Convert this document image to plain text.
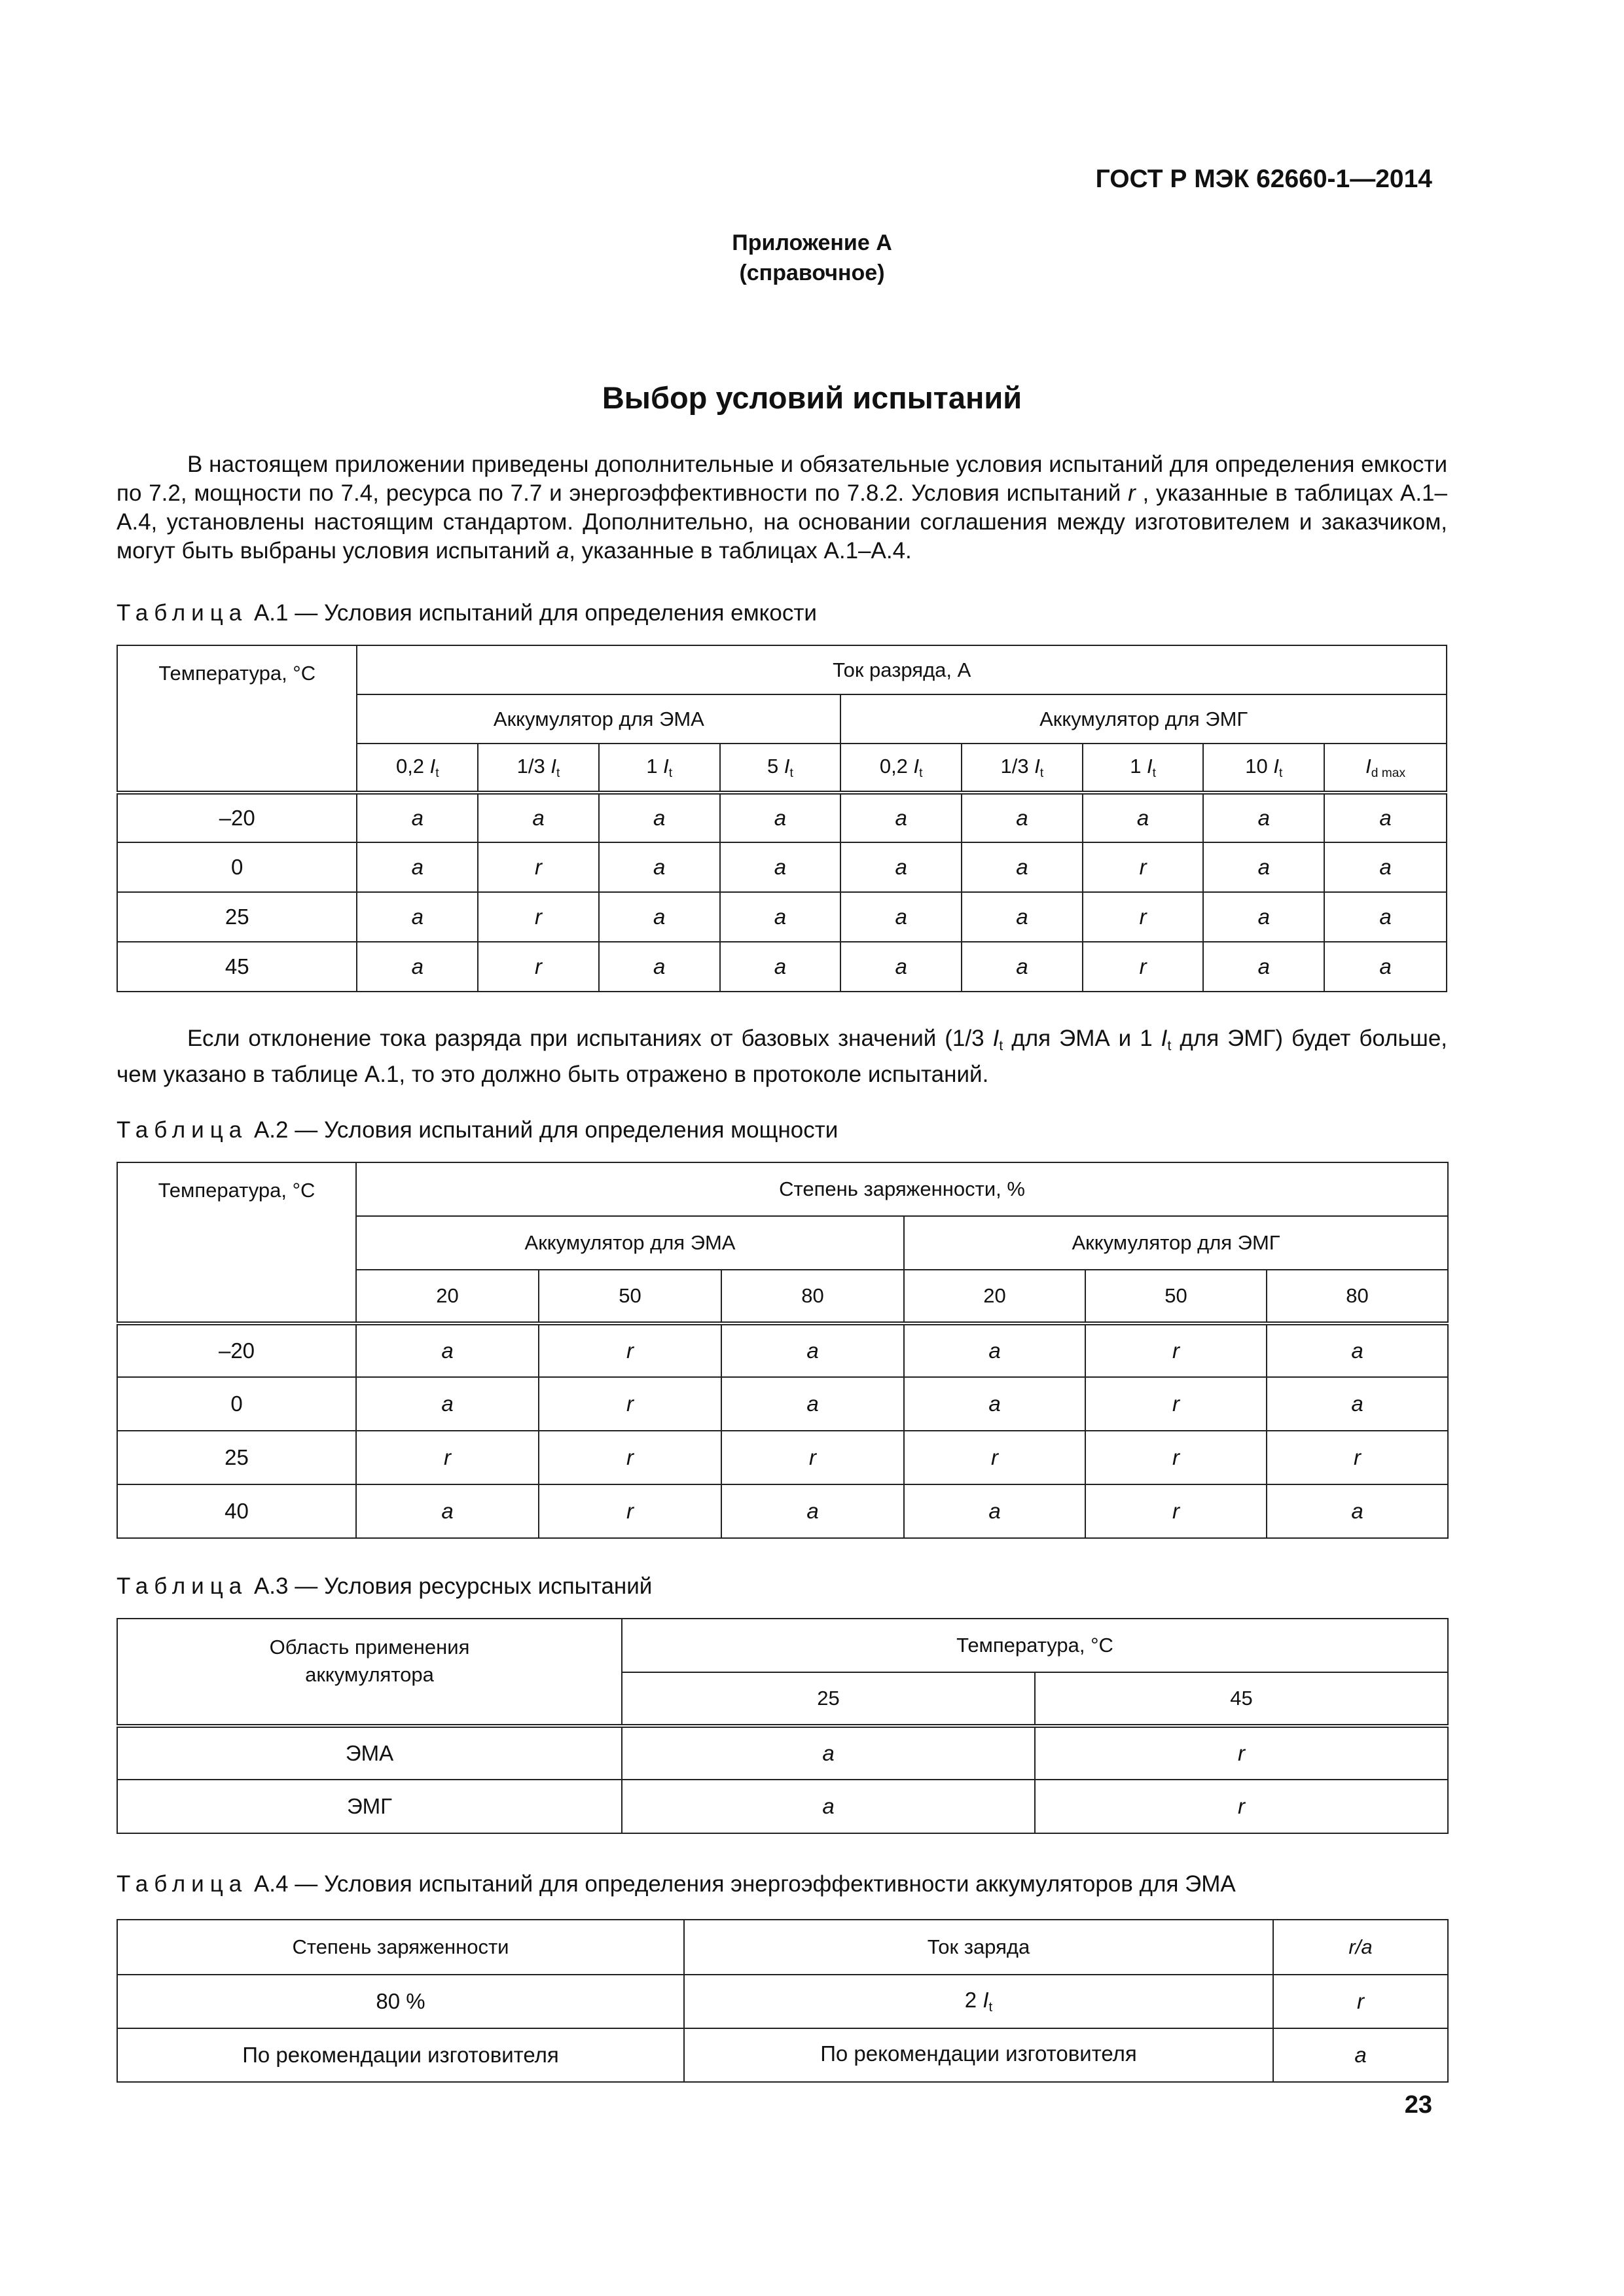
ГОСТ Р МЭК 62660-1—2014
Приложение А
(справочное)
Выбор условий испытаний
В настоящем приложении приведены дополнительные и обязательные условия испытаний для определения емкости по 7.2, мощности по 7.4, ресурса по 7.7 и энергоэффективности по 7.8.2. Условия испытаний r , указанные в таблицах А.1–А.4, установлены настоящим стандартом. Дополнительно, на основании соглашения между изготовителем и заказчиком, могут быть выбраны условия испытаний a, указанные в таблицах А.1–А.4.
Таблица А.1 — Условия испытаний для определения емкости
Температура, °С	Ток разряда, А								
	Аккумулятор для ЭМА				Аккумулятор для ЭМГ				
	0,2 $I_t$	1/3 $I_t$	1 $I_t$	5 $I_t$	0,2 $I_t$	1/3 $I_t$	1 $I_t$	10 $I_t$	$I_{d max}$
–20	a	a	a	a	a	a	a	a	a
0	a	r	a	a	a	a	r	a	a
25	a	r	a	a	a	a	r	a	a
45	a	r	a	a	a	a	r	a	a
Если отклонение тока разряда при испытаниях от базовых значений (1/3 $I_t$ для ЭМА и 1 $I_t$ для ЭМГ) будет больше, чем указано в таблице А.1, то это должно быть отражено в протоколе испытаний.
Таблица А.2 — Условия испытаний для определения мощности
Температура, °С	Степень заряженности, %					
	Аккумулятор для ЭМА			Аккумулятор для ЭМГ		
	20	50	80	20	50	80
–20	a	r	a	a	r	a
0	a	r	a	a	r	a
25	r	r	r	r	r	r
40	a	r	a	a	r	a
Таблица А.3 — Условия ресурсных испытаний
Область применения
аккумулятора	Температура, °С	
	25	45
ЭМА	a	r
ЭМГ	a	r
Таблица А.4 — Условия испытаний для определения энергоэффективности аккумуляторов для ЭМА
Степень заряженности	Ток заряда	r/a
80 %	2 $I_t$	r
По рекомендации изготовителя	По рекомендации изготовителя	a
23
